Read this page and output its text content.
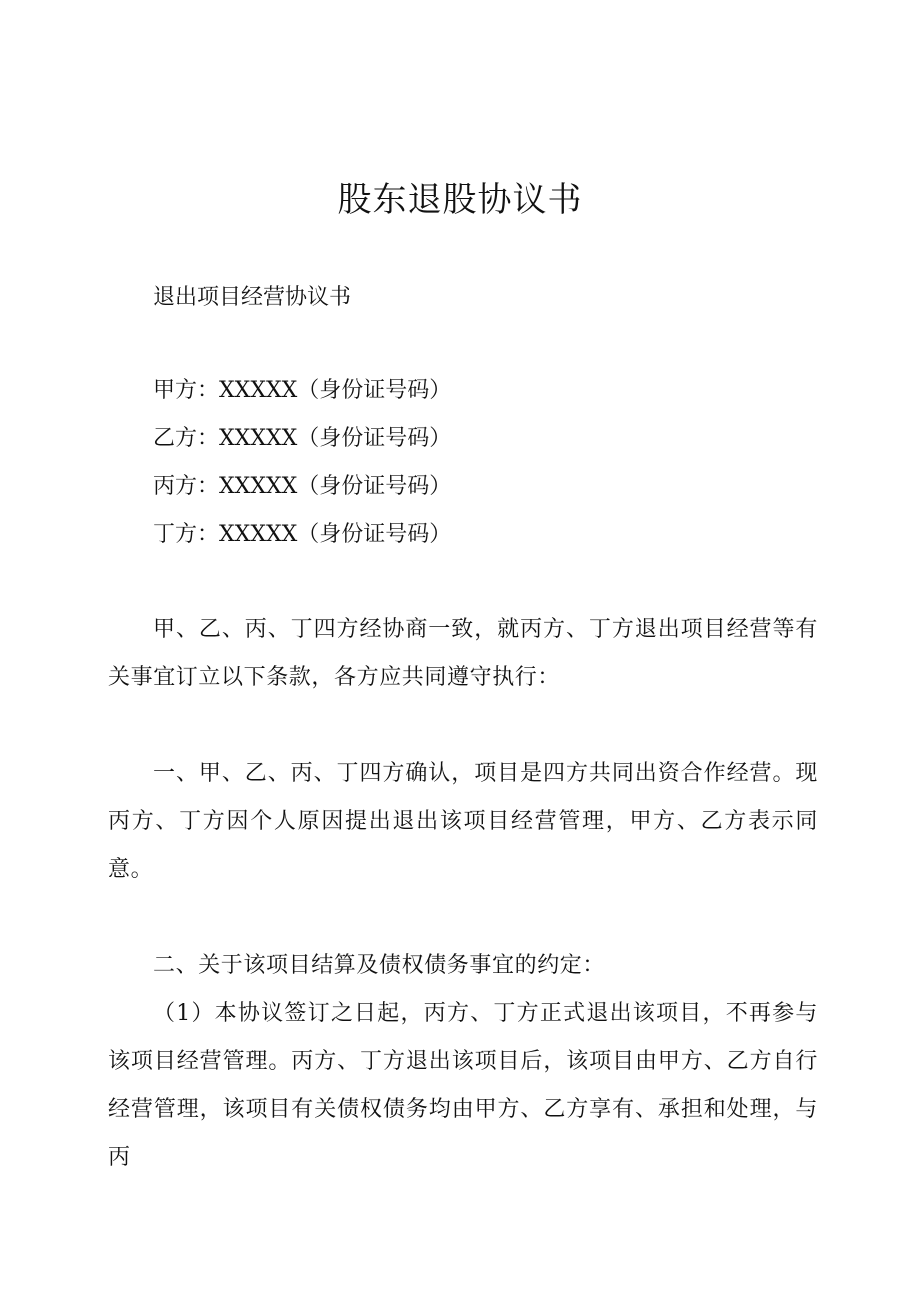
股东退股协议书
退出项目经营协议书
甲方：XXXXX（身份证号码）
乙方：XXXXX（身份证号码）
丙方：XXXXX（身份证号码）
丁方：XXXXX（身份证号码）

甲、乙、丙、丁四方经协商一致，就丙方、丁方退出项目经营等有关事宜订立以下条款，各方应共同遵守执行：

一、甲、乙、丙、丁四方确认，项目是四方共同出资合作经营。现丙方、丁方因个人原因提出退出该项目经营管理，甲方、乙方表示同意。

二、关于该项目结算及债权债务事宜的约定：

（1）本协议签订之日起，丙方、丁方正式退出该项目，不再参与该项目经营管理。丙方、丁方退出该项目后，该项目由甲方、乙方自行经营管理，该项目有关债权债务均由甲方、乙方享有、承担和处理，与丙
